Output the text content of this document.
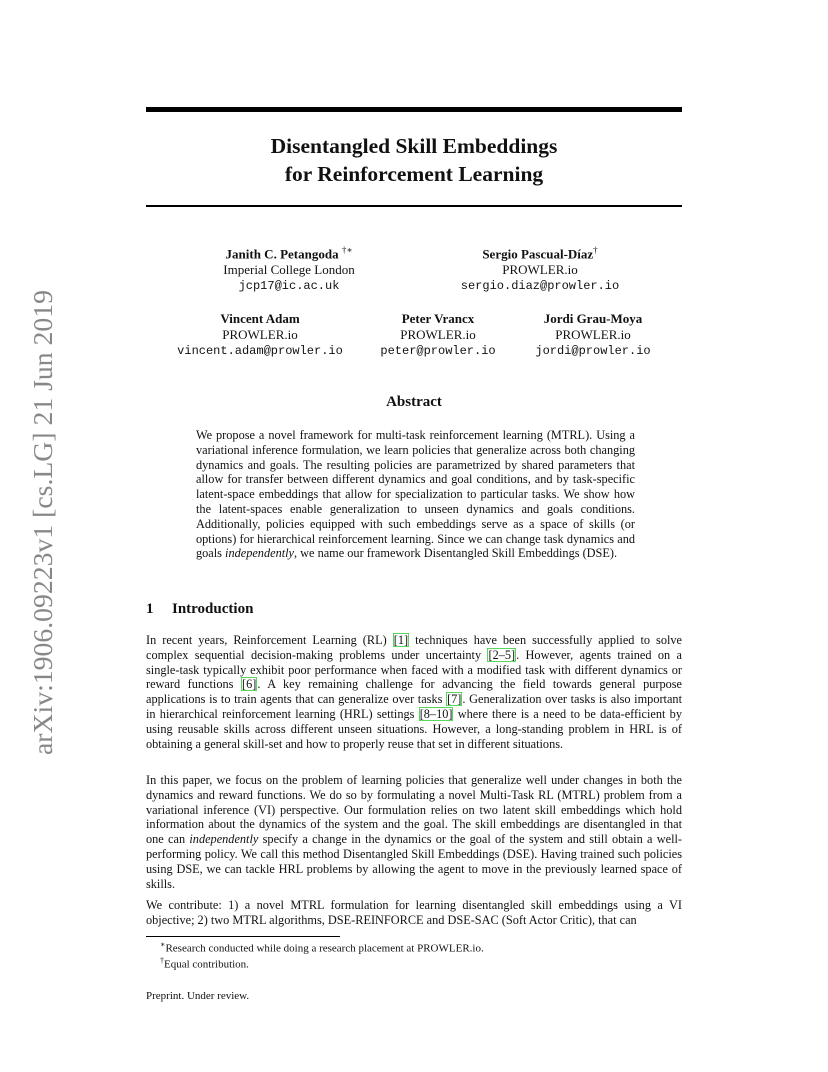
arXiv:1906.09223v1 [cs.LG] 21 Jun 2019
Disentangled Skill Embeddings
for Reinforcement Learning
Janith C. Petangoda †∗
Imperial College London
jcp17@ic.ac.uk
Sergio Pascual-Díaz†
PROWLER.io
sergio.diaz@prowler.io
Vincent Adam
PROWLER.io
vincent.adam@prowler.io
Peter Vrancx
PROWLER.io
peter@prowler.io
Jordi Grau-Moya
PROWLER.io
jordi@prowler.io
Abstract

We propose a novel framework for multi-task reinforcement learning (MTRL). Using a variational inference formulation, we learn policies that generalize across both changing dynamics and goals. The resulting policies are parametrized by shared parameters that allow for transfer between different dynamics and goal conditions, and by task-specific latent-space embeddings that allow for specialization to particular tasks. We show how the latent-spaces enable generalization to unseen dynamics and goals conditions. Additionally, policies equipped with such embeddings serve as a space of skills (or options) for hierarchical reinforcement learning. Since we can change task dynamics and goals independently, we name our framework Disentangled Skill Embeddings (DSE).

1 Introduction

In recent years, Reinforcement Learning (RL) [1] techniques have been successfully applied to solve complex sequential decision-making problems under uncertainty [2–5]. However, agents trained on a single-task typically exhibit poor performance when faced with a modified task with different dynamics or reward functions [6]. A key remaining challenge for advancing the field towards general purpose applications is to train agents that can generalize over tasks [7]. Generalization over tasks is also important in hierarchical reinforcement learning (HRL) settings [8–10] where there is a need to be data-efficient by using reusable skills across different unseen situations. However, a long-standing problem in HRL is of obtaining a general skill-set and how to properly reuse that set in different situations.

In this paper, we focus on the problem of learning policies that generalize well under changes in both the dynamics and reward functions. We do so by formulating a novel Multi-Task RL (MTRL) problem from a variational inference (VI) perspective. Our formulation relies on two latent skill embeddings which hold information about the dynamics of the system and the goal. The skill embeddings are disentangled in that one can independently specify a change in the dynamics or the goal of the system and still obtain a well-performing policy. We call this method Disentangled Skill Embeddings (DSE). Having trained such policies using DSE, we can tackle HRL problems by allowing the agent to move in the previously learned space of skills.

We contribute: 1) a novel MTRL formulation for learning disentangled skill embeddings using a VI objective; 2) two MTRL algorithms, DSE-REINFORCE and DSE-SAC (Soft Actor Critic), that can

∗Research conducted while doing a research placement at PROWLER.io.

†Equal contribution.

Preprint. Under review.
